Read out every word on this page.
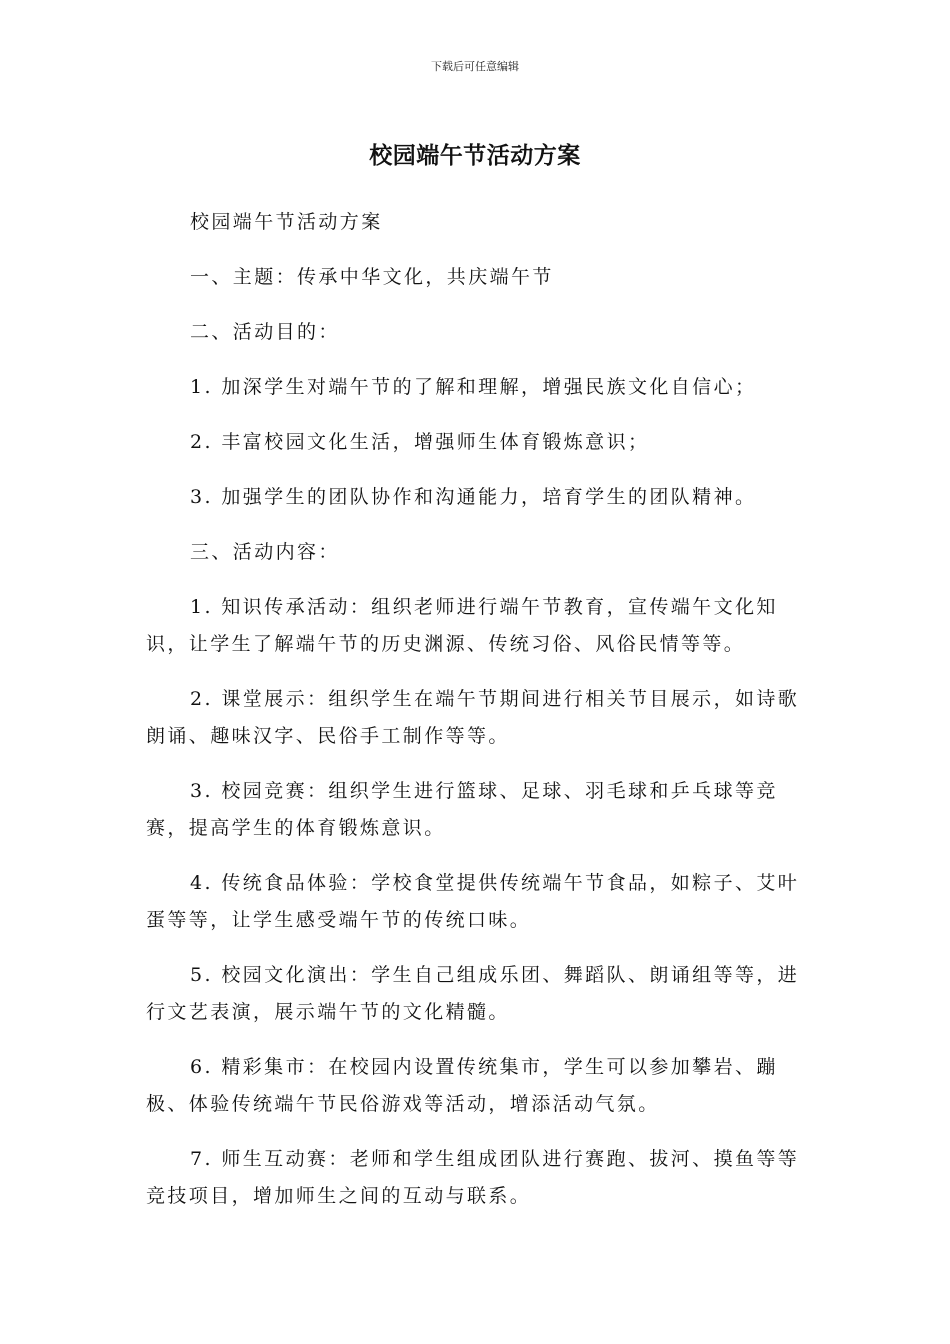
下载后可任意编辑
校园端午节活动方案

校园端午节活动方案

一、主题：传承中华文化，共庆端午节

二、活动目的：

1. 加深学生对端午节的了解和理解，增强民族文化自信心；

2. 丰富校园文化生活，增强师生体育锻炼意识；

3. 加强学生的团队协作和沟通能力，培育学生的团队精神。

三、活动内容：

1. 知识传承活动：组织老师进行端午节教育，宣传端午文化知识，让学生了解端午节的历史渊源、传统习俗、风俗民情等等。

2. 课堂展示：组织学生在端午节期间进行相关节目展示，如诗歌朗诵、趣味汉字、民俗手工制作等等。

3. 校园竞赛：组织学生进行篮球、足球、羽毛球和乒乓球等竞赛，提高学生的体育锻炼意识。

4. 传统食品体验：学校食堂提供传统端午节食品，如粽子、艾叶蛋等等，让学生感受端午节的传统口味。

5. 校园文化演出：学生自己组成乐团、舞蹈队、朗诵组等等，进行文艺表演，展示端午节的文化精髓。

6. 精彩集市：在校园内设置传统集市，学生可以参加攀岩、蹦极、体验传统端午节民俗游戏等活动，增添活动气氛。

7. 师生互动赛：老师和学生组成团队进行赛跑、拔河、摸鱼等等竞技项目，增加师生之间的互动与联系。
